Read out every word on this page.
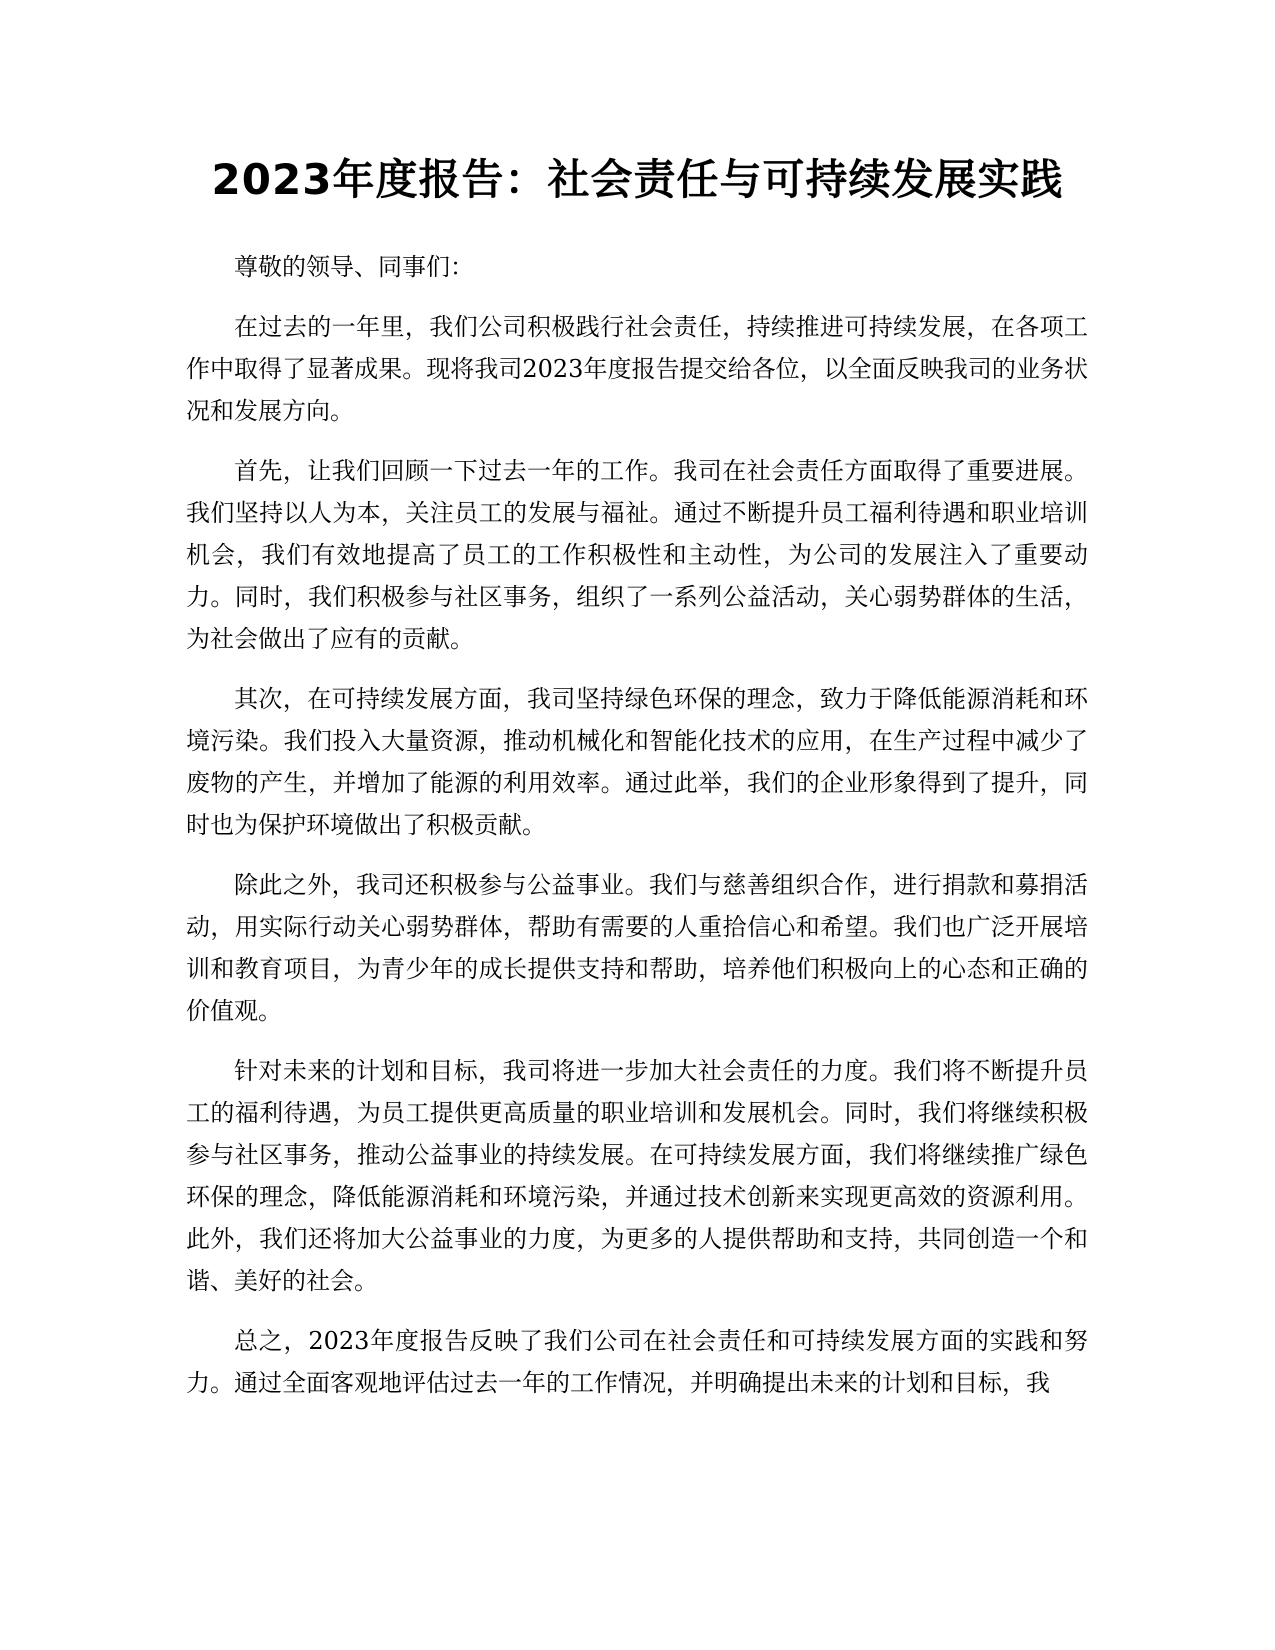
2023年度报告：社会责任与可持续发展实践

尊敬的领导、同事们：

在过去的一年里，我们公司积极践行社会责任，持续推进可持续发展，在各项工作中取得了显著成果。现将我司2023年度报告提交给各位，以全面反映我司的业务状况和发展方向。

首先，让我们回顾一下过去一年的工作。我司在社会责任方面取得了重要进展。我们坚持以人为本，关注员工的发展与福祉。通过不断提升员工福利待遇和职业培训机会，我们有效地提高了员工的工作积极性和主动性，为公司的发展注入了重要动力。同时，我们积极参与社区事务，组织了一系列公益活动，关心弱势群体的生活，为社会做出了应有的贡献。

其次，在可持续发展方面，我司坚持绿色环保的理念，致力于降低能源消耗和环境污染。我们投入大量资源，推动机械化和智能化技术的应用，在生产过程中减少了废物的产生，并增加了能源的利用效率。通过此举，我们的企业形象得到了提升，同时也为保护环境做出了积极贡献。

除此之外，我司还积极参与公益事业。我们与慈善组织合作，进行捐款和募捐活动，用实际行动关心弱势群体，帮助有需要的人重拾信心和希望。我们也广泛开展培训和教育项目，为青少年的成长提供支持和帮助，培养他们积极向上的心态和正确的价值观。

针对未来的计划和目标，我司将进一步加大社会责任的力度。我们将不断提升员工的福利待遇，为员工提供更高质量的职业培训和发展机会。同时，我们将继续积极参与社区事务，推动公益事业的持续发展。在可持续发展方面，我们将继续推广绿色环保的理念，降低能源消耗和环境污染，并通过技术创新来实现更高效的资源利用。此外，我们还将加大公益事业的力度，为更多的人提供帮助和支持，共同创造一个和谐、美好的社会。

总之，2023年度报告反映了我们公司在社会责任和可持续发展方面的实践和努力。通过全面客观地评估过去一年的工作情况，并明确提出未来的计划和目标，我
